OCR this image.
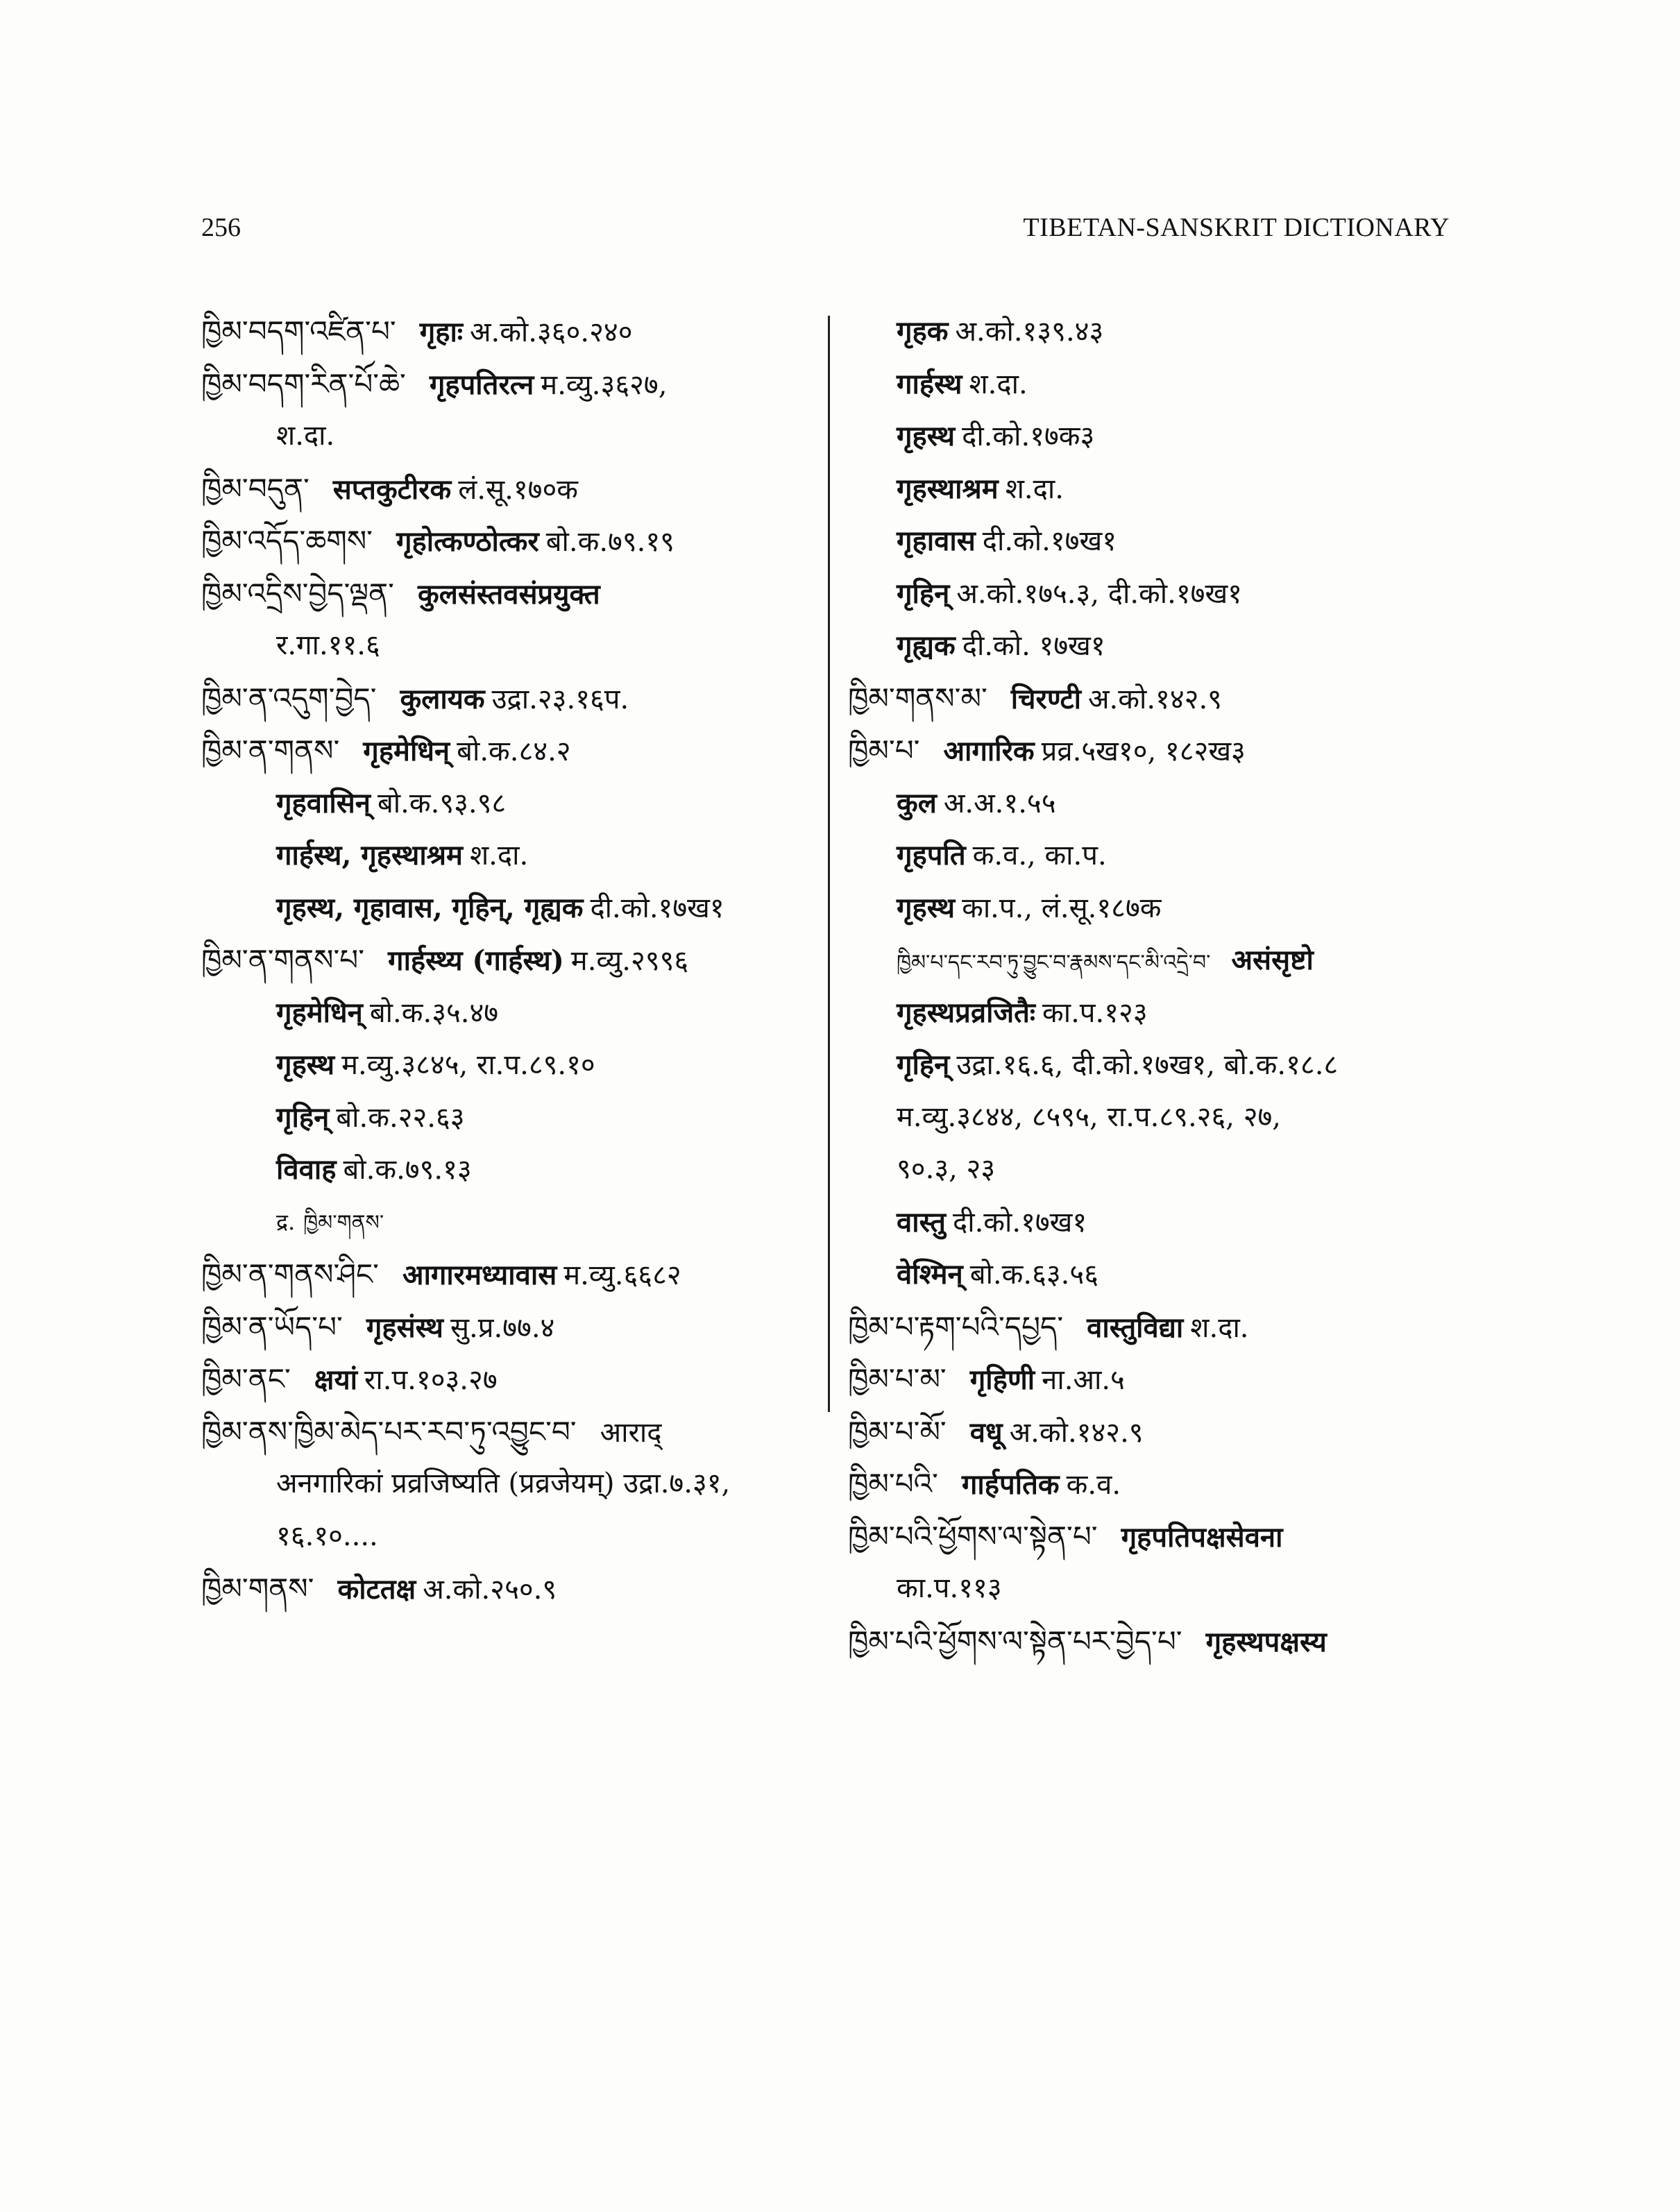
256	TIBETAN-SANSKRIT DICTIONARY
ཁྱིམ་བདག་འཛིན་པ་ गृहाः अ.को.३६०.२४०
ཁྱིམ་བདག་རིན་པོ་ཆེ་ गृहपतिरत्न म.व्यु.३६२७,
श.दा.
ཁྱིམ་བདུན་ सप्तकुटीरक लं.सू.१७०क
ཁྱིམ་འདོད་ཆགས་ गृहोत्कण्ठोत्कर बो.क.७९.१९
ཁྱིམ་འདྲིས་བྱེད་ལྡན་ कुलसंस्तवसंप्रयुक्त
र.गा.११.६
ཁྱིམ་ན་འདུག་བྱེད་ कुलायक उद्रा.२३.१६प.
ཁྱིམ་ན་གནས་ गृहमेधिन् बो.क.८४.२
गृहवासिन् बो.क.९३.९८
गार्हस्थ, गृहस्थाश्रम श.दा.
गृहस्थ, गृहावास, गृहिन्, गृह्यक दी.को.१७ख१
ཁྱིམ་ན་གནས་པ་ गार्हस्थ्य (गार्हस्थ) म.व्यु.२९९६
गृहमेधिन् बो.क.३५.४७
गृहस्थ म.व्यु.३८४५, रा.प.८९.१०
गृहिन् बो.क.२२.६३
विवाह बो.क.७९.१३
द्र. ཁྱིམ་གནས་
ཁྱིམ་ན་གནས་ཤིང་ आगारमध्यावास म.व्यु.६६८२
ཁྱིམ་ན་ཡོད་པ་ गृहसंस्थ सु.प्र.७७.४
ཁྱིམ་ནང་ क्षयां रा.प.१०३.२७
ཁྱིམ་ནས་ཁྱིམ་མེད་པར་རབ་ཏུ་འབྱུང་བ་ आराद्
अनगारिकां प्रव्रजिष्यति (प्रव्रजेयम्) उद्रा.७.३१,
१६.१०....
ཁྱིམ་གནས་ कोटतक्ष अ.को.२५०.९
गृहक अ.को.१३९.४३
गार्हस्थ श.दा.
गृहस्थ दी.को.१७क३
गृहस्थाश्रम श.दा.
गृहावास दी.को.१७ख१
गृहिन् अ.को.१७५.३, दी.को.१७ख१
गृह्यक दी.को. १७ख१
ཁྱིམ་གནས་མ་ चिरण्टी अ.को.१४२.९
ཁྱིམ་པ་ आगारिक प्रव्र.५ख१०, १८२ख३
कुल अ.अ.१.५५
गृहपति क.व., का.प.
गृहस्थ का.प., लं.सू.१८७क
ཁྱིམ་པ་དང་རབ་ཏུ་བྱུང་བ་རྣམས་དང་མི་འདྲེ་བ་ असंसृष्टो
गृहस्थप्रव्रजितैः का.प.१२३
गृहिन् उद्रा.१६.६, दी.को.१७ख१, बो.क.१८.८
म.व्यु.३८४४, ८५९५, रा.प.८९.२६, २७,
९०.३, २३
वास्तु दी.को.१७ख१
वेश्मिन् बो.क.६३.५६
ཁྱིམ་པ་རྟག་པའི་དཔྱད་ वास्तुविद्या श.दा.
ཁྱིམ་པ་མ་ गृहिणी ना.आ.५
ཁྱིམ་པ་མོ་ वधू अ.को.१४२.९
ཁྱིམ་པའི་ गार्हपतिक क.व.
ཁྱིམ་པའི་ཕྱོགས་ལ་སྟེན་པ་ गृहपतिपक्षसेवना
का.प.११३
ཁྱིམ་པའི་ཕྱོགས་ལ་སྟེན་པར་བྱེད་པ་ गृहस्थपक्षस्य
